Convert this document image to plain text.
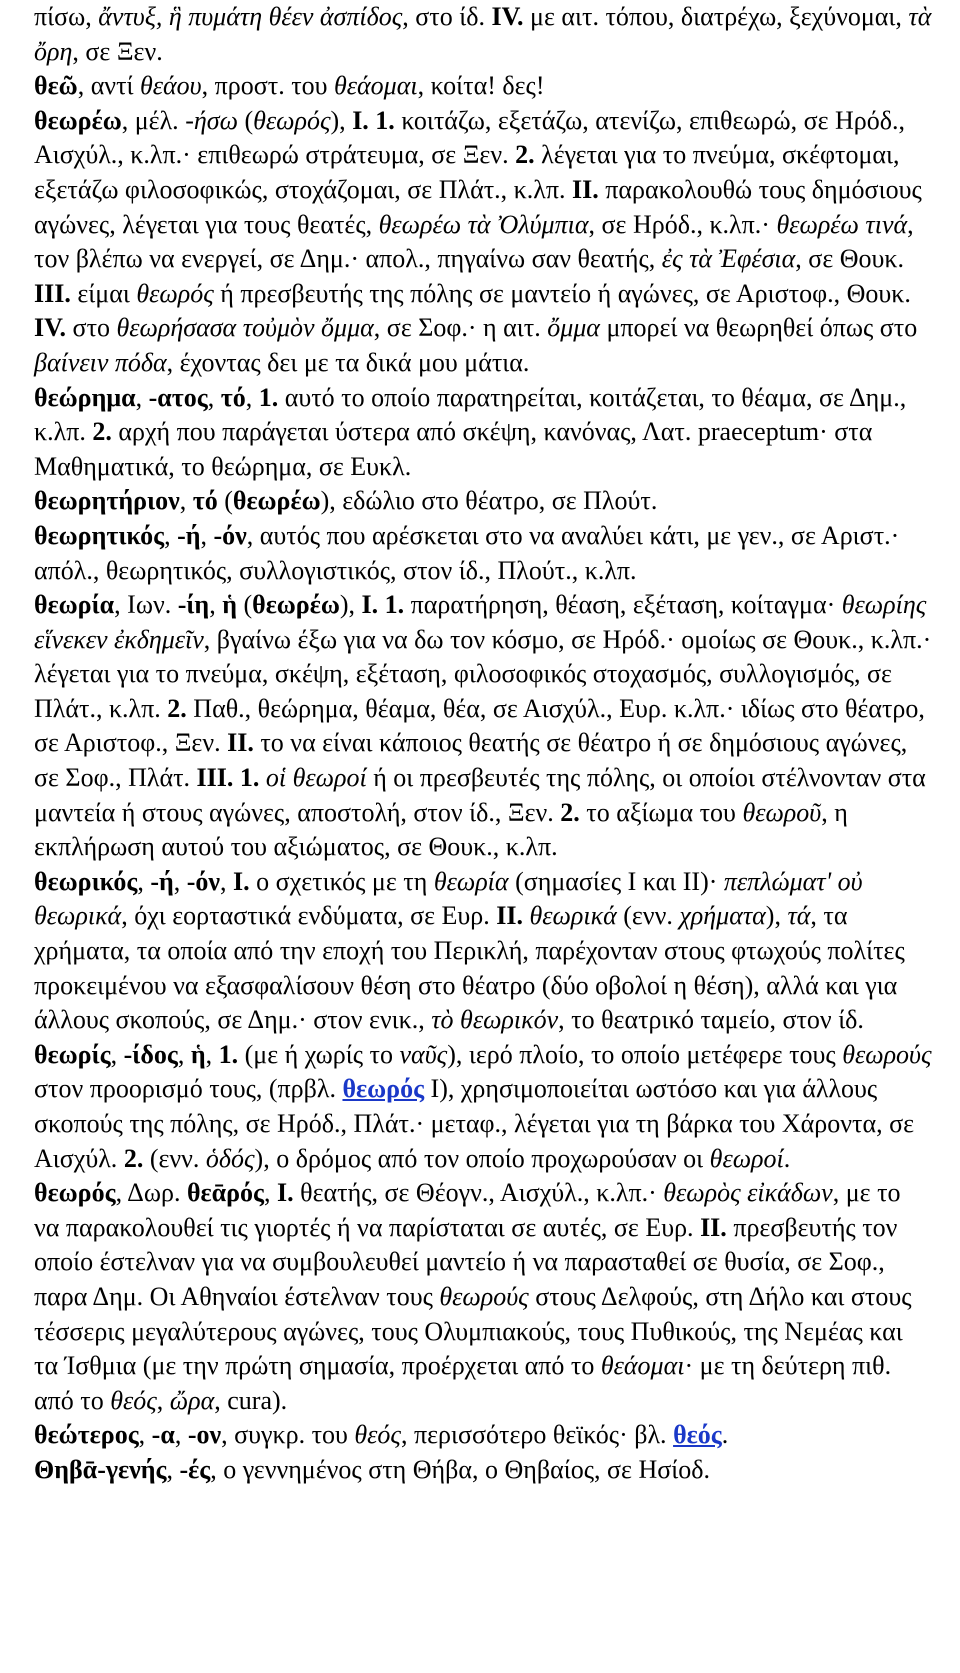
πίσω, ἄντυξ, ἣ πυμάτη θέεν ἀσπίδος, στο ίδ. IV. με αιτ. τόπου, διατρέχω, ξεχύνομαι, τὰ ὄρη, σε Ξεν.

θεῶ, αντί θεάου, προστ. του θεάομαι, κοίτα! δες!

θεωρέω, μέλ. -ήσω (θεωρός), I. 1. κοιτάζω, εξετάζω, ατενίζω, επιθεωρώ, σε Ηρόδ., Αισχύλ., κ.λπ.· επιθεωρώ στράτευμα, σε Ξεν. 2. λέγεται για το πνεύμα, σκέφτομαι, εξετάζω φιλοσοφικώς, στοχάζομαι, σε Πλάτ., κ.λπ. II. παρακολουθώ τους δημόσιους αγώνες, λέγεται για τους θεατές, θεωρέω τὰ Ὀλύμπια, σε Ηρόδ., κ.λπ.· θεωρέω τινά, τον βλέπω να ενεργεί, σε Δημ.· απολ., πηγαίνω σαν θεατής, ἐς τὰ Ἐφέσια, σε Θουκ. III. είμαι θεωρός ή πρεσβευτής της πόλης σε μαντείο ή αγώνες, σε Αριστοφ., Θουκ. IV. στο θεωρήσασα τοὐμὸν ὄμμα, σε Σοφ.· η αιτ. ὄμμα μπορεί να θεωρηθεί όπως στο βαίνειν πόδα, έχοντας δει με τα δικά μου μάτια.

θεώρημα, -ατος, τό, 1. αυτό το οποίο παρατηρείται, κοιτάζεται, το θέαμα, σε Δημ., κ.λπ. 2. αρχή που παράγεται ύστερα από σκέψη, κανόνας, Λατ. praeceptum· στα Μαθηματικά, το θεώρημα, σε Ευκλ.

θεωρητήριον, τό (θεωρέω), εδώλιο στο θέατρο, σε Πλούτ.

θεωρητικός, -ή, -όν, αυτός που αρέσκεται στο να αναλύει κάτι, με γεν., σε Αριστ.· απόλ., θεωρητικός, συλλογιστικός, στον ίδ., Πλούτ., κ.λπ.

θεωρία, Ιων. -ίη, ἡ (θεωρέω), I. 1. παρατήρηση, θέαση, εξέταση, κοίταγμα· θεωρίης εἵνεκεν ἐκδημεῖν, βγαίνω έξω για να δω τον κόσμο, σε Ηρόδ.· ομοίως σε Θουκ., κ.λπ.· λέγεται για το πνεύμα, σκέψη, εξέταση, φιλοσοφικός στοχασμός, συλλογισμός, σε Πλάτ., κ.λπ. 2. Παθ., θεώρημα, θέαμα, θέα, σε Αισχύλ., Ευρ. κ.λπ.· ιδίως στο θέατρο, σε Αριστοφ., Ξεν. II. το να είναι κάποιος θεατής σε θέατρο ή σε δημόσιους αγώνες, σε Σοφ., Πλάτ. III. 1. οἱ θεωροί ή οι πρεσβευτές της πόλης, οι οποίοι στέλνονταν στα μαντεία ή στους αγώνες, αποστολή, στον ίδ., Ξεν. 2. το αξίωμα του θεωροῦ, η εκπλήρωση αυτού του αξιώματος, σε Θουκ., κ.λπ.

θεωρικός, -ή, -όν, I. ο σχετικός με τη θεωρία (σημασίες I και II)· πεπλώματ' οὐ θεωρικά, όχι εορταστικά ενδύματα, σε Ευρ. II. θεωρικά (ενν. χρήματα), τά, τα χρήματα, τα οποία από την εποχή του Περικλή, παρέχονταν στους φτωχούς πολίτες προκειμένου να εξασφαλίσουν θέση στο θέατρο (δύο οβολοί η θέση), αλλά και για άλλους σκοπούς, σε Δημ.· στον ενικ., τὸ θεωρικόν, το θεατρικό ταμείο, στον ίδ.

θεωρίς, -ίδος, ἡ, 1. (με ή χωρίς το ναῦς), ιερό πλοίο, το οποίο μετέφερε τους θεωρούς στον προορισμό τους, (πρβλ. θεωρός I), χρησιμοποιείται ωστόσο και για άλλους σκοπούς της πόλης, σε Ηρόδ., Πλάτ.· μεταφ., λέγεται για τη βάρκα του Χάροντα, σε Αισχύλ. 2. (ενν. ὁδός), ο δρόμος από τον οποίο προχωρούσαν οι θεωροί.

θεωρός, Δωρ. θεᾱρός, I. θεατής, σε Θέογν., Αισχύλ., κ.λπ.· θεωρὸς εἰκάδων, με το να παρακολουθεί τις γιορτές ή να παρίσταται σε αυτές, σε Ευρ. II. πρεσβευτής τον οποίο έστελναν για να συμβουλευθεί μαντείο ή να παρασταθεί σε θυσία, σε Σοφ., παρα Δημ. Οι Αθηναίοι έστελναν τους θεωρούς στους Δελφούς, στη Δήλο και στους τέσσερις μεγαλύτερους αγώνες, τους Ολυμπιακούς, τους Πυθικούς, της Νεμέας και τα Ίσθμια (με την πρώτη σημασία, προέρχεται από το θεάομαι· με τη δεύτερη πιθ. από το θεός, ὤρα, cura).

θεώτερος, -α, -ον, συγκρ. του θεός, περισσότερο θεϊκός· βλ. θεός.

Θηβᾱ-γενής, -ές, ο γεννημένος στη Θήβα, ο Θηβαίος, σε Ησίοδ.
